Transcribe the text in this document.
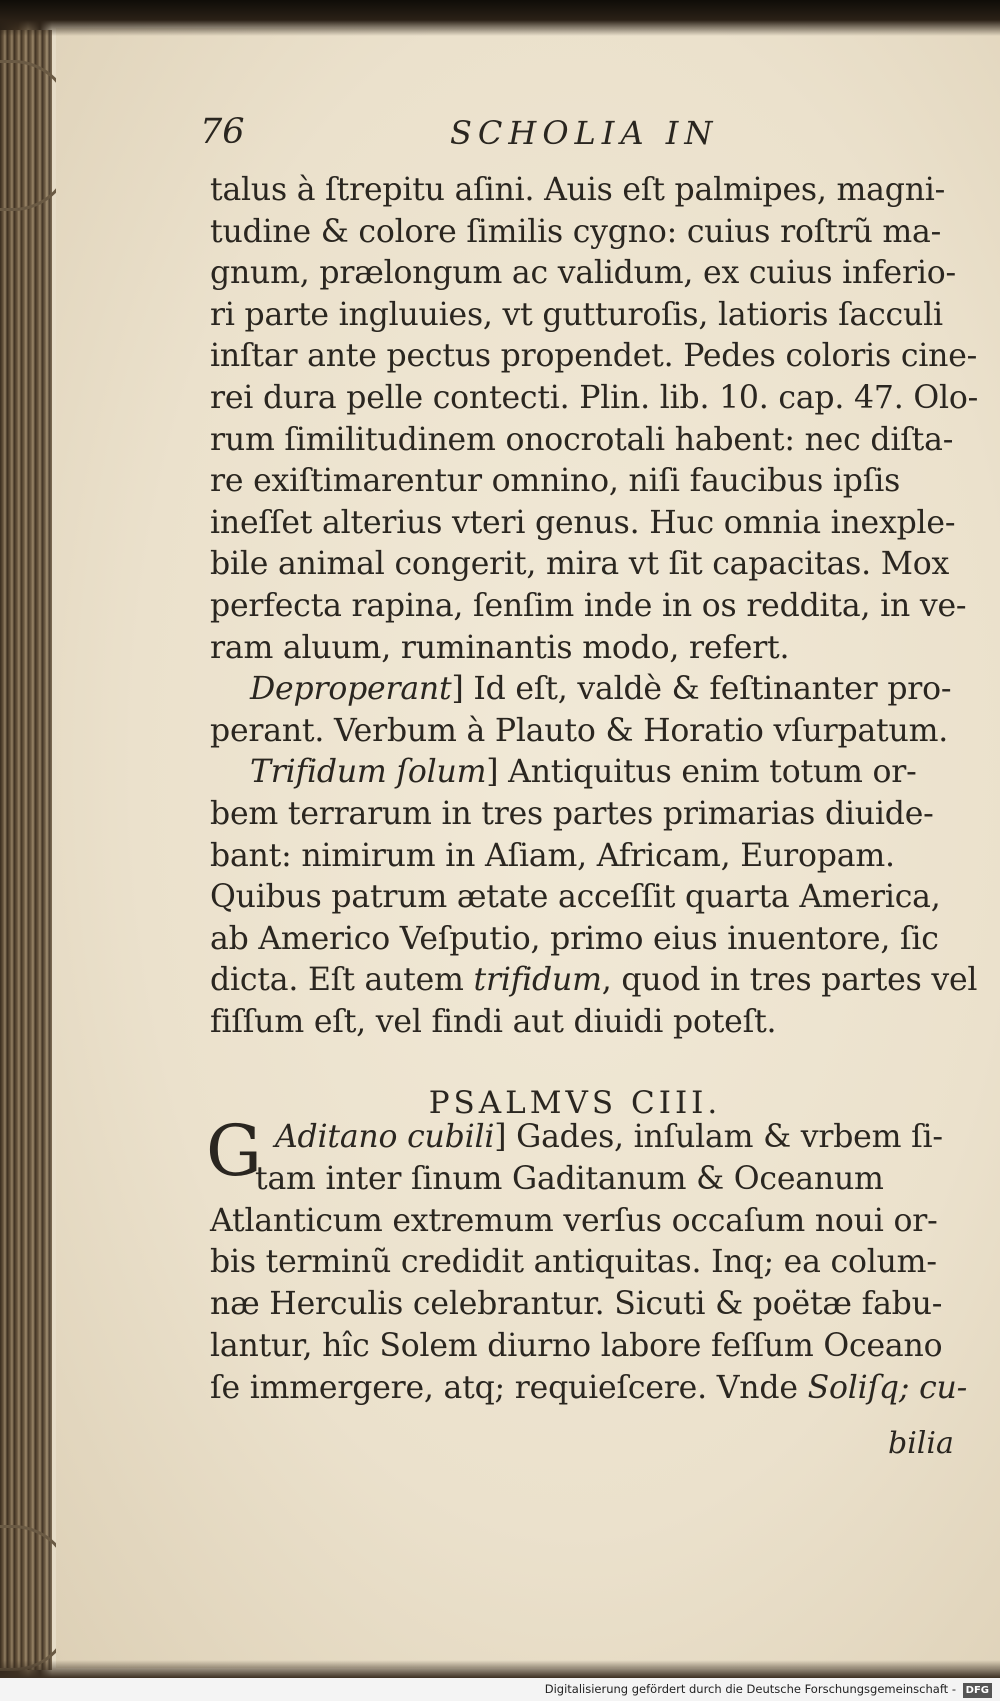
76	SCHOLIA IN
talus à ſtrepitu aſini. Auis eſt palmipes, magni-
tudine & colore ſimilis cygno: cuius roſtrũ ma-
gnum, prælongum ac validum, ex cuius inferio-
ri parte ingluuies, vt gutturoſis, latioris ſacculi
inſtar ante pectus propendet. Pedes coloris cine-
rei dura pelle contecti. Plin. lib. 10. cap. 47. Olo-
rum ſimilitudinem onocrotali habent: nec diſta-
re exiſtimarentur omnino, niſi faucibus ipſis
ineſſet alterius vteri genus. Huc omnia inexple-
bile animal congerit, mira vt ſit capacitas. Mox
perfecta rapina, ſenſim inde in os reddita, in ve-
ram aluum, ruminantis modo, refert.
Deproperant] Id eſt, valdè & feſtinanter pro-
perant. Verbum à Plauto & Horatio vſurpatum.
Trifidum ſolum] Antiquitus enim totum or-
bem terrarum in tres partes primarias diuide-
bant: nimirum in Aſiam, Africam, Europam.
Quibus patrum ætate acceſſit quarta America,
ab Americo Veſputio, primo eius inuentore, ſic
dicta. Eſt autem trifidum, quod in tres partes vel
fiſſum eſt, vel findi aut diuidi poteſt.
PSALMVS CIII.
G Aditano cubili] Gades, inſulam & vrbem ſi-
tam inter ſinum Gaditanum & Oceanum
Atlanticum extremum verſus occaſum noui or-
bis terminũ credidit antiquitas. Inq; ea colum-
næ Herculis celebrantur. Sicuti & poëtæ fabu-
lantur, hîc Solem diurno labore feſſum Oceano
ſe immergere, atq; requieſcere. Vnde Soliſq; cu-
bilia
Digitalisierung gefördert durch die Deutsche Forschungsgemeinschaft - DFG
